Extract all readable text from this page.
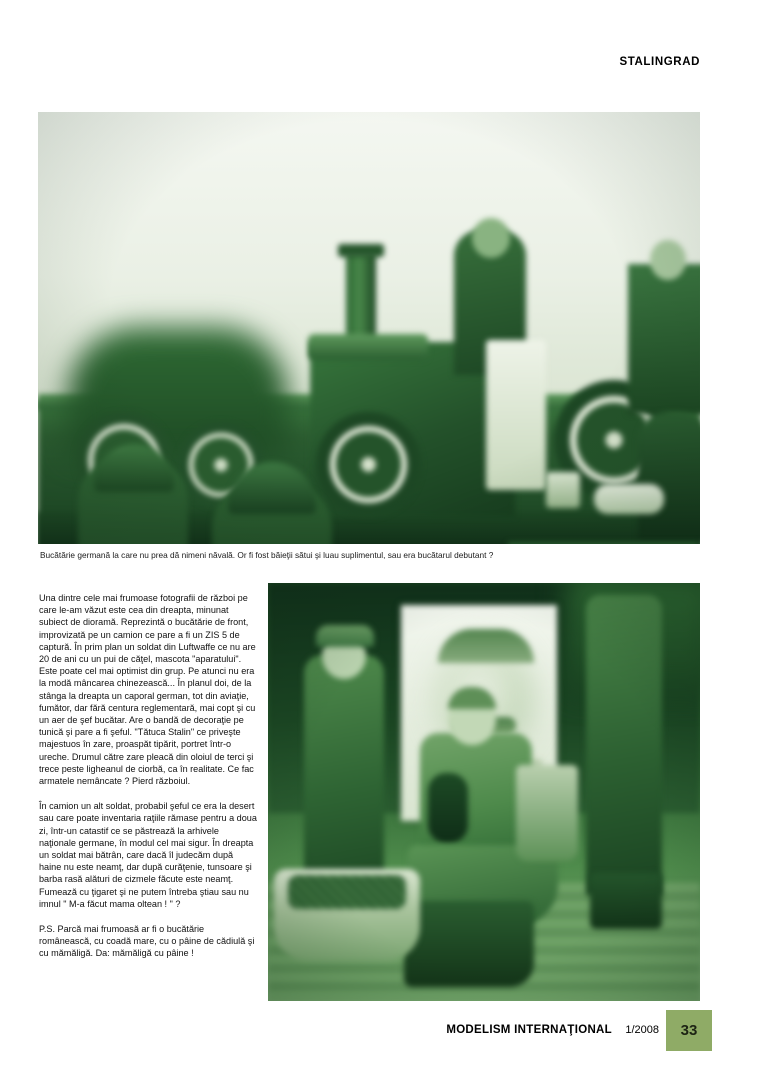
STALINGRAD
Bucătărie germană la care nu prea dă nimeni năvală. Or fi fost băieţii sătui şi luau suplimentul, sau era bucătarul debutant ?

Una dintre cele mai frumoase fotografii de război pe care le-am văzut este cea din dreapta, minunat subiect de dioramă. Reprezintă o bucătărie de front, improvizată pe un camion ce pare a fi un ZIS 5 de captură. În prim plan un soldat din Luftwaffe ce nu are 20 de ani cu un pui de căţel, mascota "aparatului". Este poate cel mai optimist din grup. Pe atunci nu era la modă mâncarea chinezească... În planul doi, de la stânga la dreapta un caporal german, tot din aviaţie, fumător, dar fără centura reglementară, mai copt şi cu un aer de şef bucătar. Are o bandă de decoraţie pe tunică şi pare a fi şeful. "Tătuca Stalin" ce priveşte majestuos în zare, proaspăt tipărit, portret într-o ureche. Drumul către zare pleacă din oloiul de terci şi trece peste ligheanul de ciorbă, ca în realitate. Ce fac armatele nemâncate ? Pierd războiul.

În camion un alt soldat, probabil şeful ce era la desert sau care poate inventaria raţiile rămase pentru a doua zi, într-un catastif ce se păstrează la arhivele naţionale germane, în modul cel mai sigur. În dreapta un soldat mai bătrân, care dacă îl judecăm după haine nu este neamţ, dar după curăţenie, tunsoare şi barba rasă alături de cizmele făcute este neamţ. Fumează cu ţigaret şi ne putem întreba ştiau sau nu imnul " M-a făcut mama oltean ! " ?

P.S. Parcă mai frumoasă ar fi o bucătărie românească, cu coadă mare, cu o pâine de cădiulă şi cu mămăligă. Da: mămăligă cu pâine !

MODELISM INTERNAŢIONAL 1/2008 33
